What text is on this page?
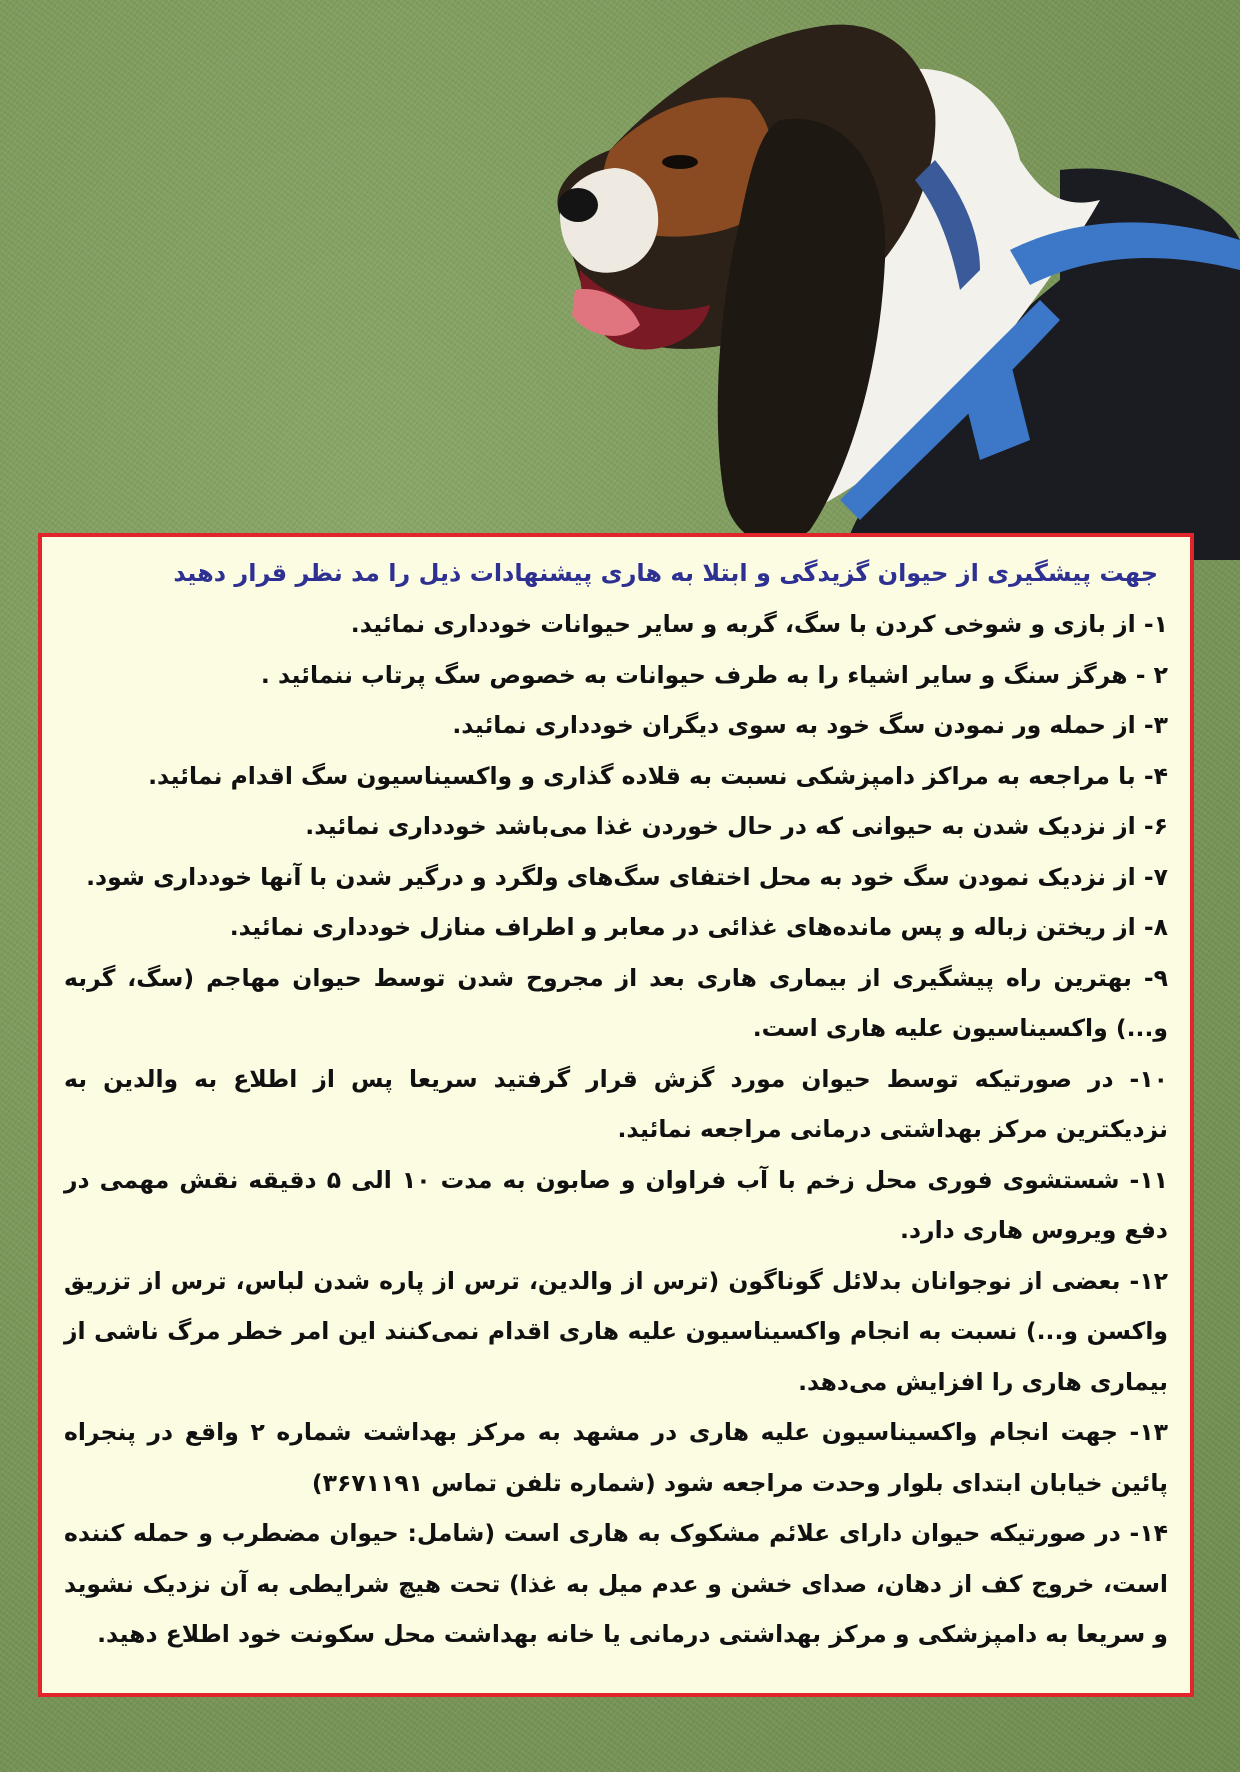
جهت پیشگیری از حیوان گزیدگی و ابتلا به هاری پیشنهادات ذیل را مد نظر قرار دهید
۱- از بازی و شوخی کردن با سگ، گربه و سایر حیوانات خودداری نمائید.
۲ - هرگز سنگ و سایر اشیاء را به طرف حیوانات به خصوص سگ پرتاب ننمائید .
۳- از حمله ور نمودن سگ خود به سوی دیگران خودداری نمائید.
۴- با مراجعه به مراکز دامپزشکی نسبت به قلاده گذاری و واکسیناسیون سگ اقدام نمائید.
۶- از نزدیک شدن به حیوانی که در حال خوردن غذا می‌باشد خودداری نمائید.
۷- از نزدیک نمودن سگ خود به محل اختفای سگ‌های ولگرد و درگیر شدن با آنها خودداری شود.
۸- از ریختن زباله و پس مانده‌های غذائی در معابر و اطراف منازل خودداری نمائید.
۹- بهترین راه پیشگیری از بیماری هاری بعد از مجروح شدن توسط حیوان مهاجم (سگ، گربه و...) واکسیناسیون علیه هاری است.
۱۰- در صورتیکه توسط حیوان مورد گزش قرار گرفتید سریعا پس از اطلاع به والدین به نزدیکترین مرکز بهداشتی درمانی مراجعه نمائید.
۱۱- شستشوی فوری محل زخم با آب فراوان و صابون به مدت ۱۰ الی ۵ دقیقه نقش مهمی در دفع ویروس هاری دارد.
۱۲- بعضی از نوجوانان بدلائل گوناگون (ترس از والدین، ترس از پاره شدن لباس، ترس از تزریق واکسن و...) نسبت به انجام واکسیناسیون علیه هاری اقدام نمی‌کنند این امر خطر مرگ ناشی از بیماری هاری را افزایش می‌دهد.
۱۳- جهت انجام واکسیناسیون علیه هاری در مشهد به مرکز بهداشت شماره ۲ واقع در پنجراه پائین خیابان ابتدای بلوار وحدت مراجعه شود (شماره تلفن تماس ۳۶۷۱۱۹۱)
۱۴- در صورتیکه حیوان دارای علائم مشکوک به هاری است (شامل: حیوان مضطرب و حمله کننده است، خروج کف از دهان، صدای خشن و عدم میل به غذا) تحت هیچ شرایطی به آن نزدیک نشوید و سریعا به دامپزشکی و مرکز بهداشتی درمانی یا خانه بهداشت محل سکونت خود اطلاع دهید.
